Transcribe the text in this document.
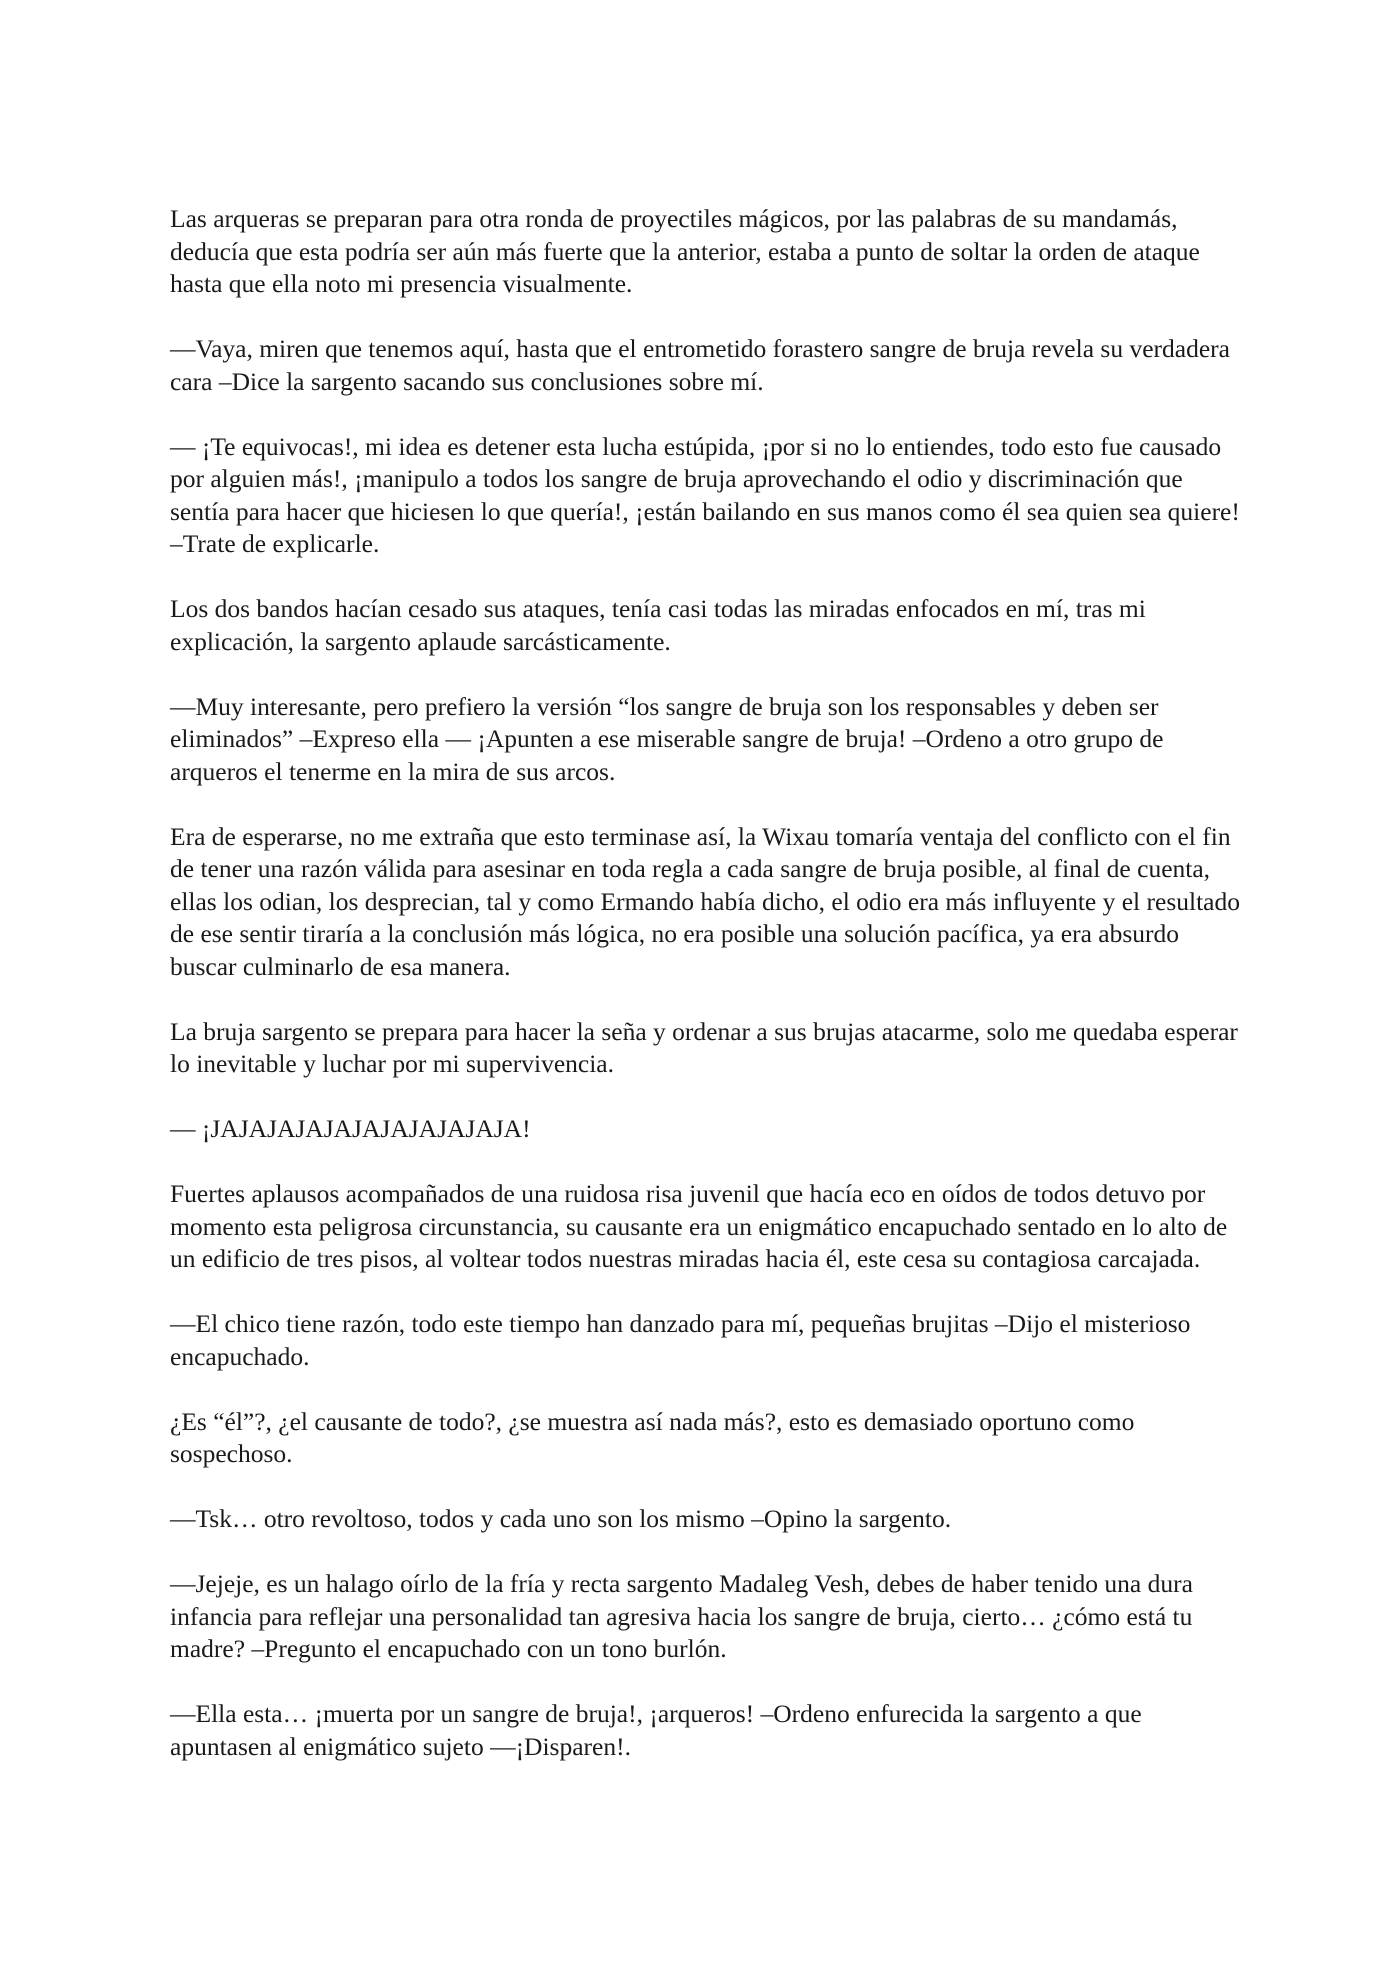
Las arqueras se preparan para otra ronda de proyectiles mágicos, por las palabras de su mandamás, deducía que esta podría ser aún más fuerte que la anterior, estaba a punto de soltar la orden de ataque hasta que ella noto mi presencia visualmente.

—Vaya, miren que tenemos aquí, hasta que el entrometido forastero sangre de bruja revela su verdadera cara –Dice la sargento sacando sus conclusiones sobre mí.

— ¡Te equivocas!, mi idea es detener esta lucha estúpida, ¡por si no lo entiendes, todo esto fue causado por alguien más!, ¡manipulo a todos los sangre de bruja aprovechando el odio y discriminación que sentía para hacer que hiciesen lo que quería!, ¡están bailando en sus manos como él sea quien sea quiere! –Trate de explicarle.

Los dos bandos hacían cesado sus ataques, tenía casi todas las miradas enfocados en mí, tras mi explicación, la sargento aplaude sarcásticamente.

—Muy interesante, pero prefiero la versión “los sangre de bruja son los responsables y deben ser eliminados” –Expreso ella — ¡Apunten a ese miserable sangre de bruja! –Ordeno a otro grupo de arqueros el tenerme en la mira de sus arcos.

Era de esperarse, no me extraña que esto terminase así, la Wixau tomaría ventaja del conflicto con el fin de tener una razón válida para asesinar en toda regla a cada sangre de bruja posible, al final de cuenta, ellas los odian, los desprecian, tal y como Ermando había dicho, el odio era más influyente y el resultado de ese sentir tiraría a la conclusión más lógica, no era posible una solución pacífica, ya era absurdo buscar culminarlo de esa manera.

La bruja sargento se prepara para hacer la seña y ordenar a sus brujas atacarme, solo me quedaba esperar lo inevitable y luchar por mi supervivencia.

— ¡JAJAJAJAJAJAJAJAJAJAJA!

Fuertes aplausos acompañados de una ruidosa risa juvenil que hacía eco en oídos de todos detuvo por momento esta peligrosa circunstancia, su causante era un enigmático encapuchado sentado en lo alto de un edificio de tres pisos, al voltear todos nuestras miradas hacia él, este cesa su contagiosa carcajada.

—El chico tiene razón, todo este tiempo han danzado para mí, pequeñas brujitas –Dijo el misterioso encapuchado.

¿Es “él”?, ¿el causante de todo?, ¿se muestra así nada más?, esto es demasiado oportuno como sospechoso.

—Tsk… otro revoltoso, todos y cada uno son los mismo –Opino la sargento.

—Jejeje, es un halago oírlo de la fría y recta sargento Madaleg Vesh, debes de haber tenido una dura infancia para reflejar una personalidad tan agresiva hacia los sangre de bruja, cierto… ¿cómo está tu madre? –Pregunto el encapuchado con un tono burlón.

—Ella esta… ¡muerta por un sangre de bruja!, ¡arqueros! –Ordeno enfurecida la sargento a que apuntasen al enigmático sujeto —¡Disparen!.
